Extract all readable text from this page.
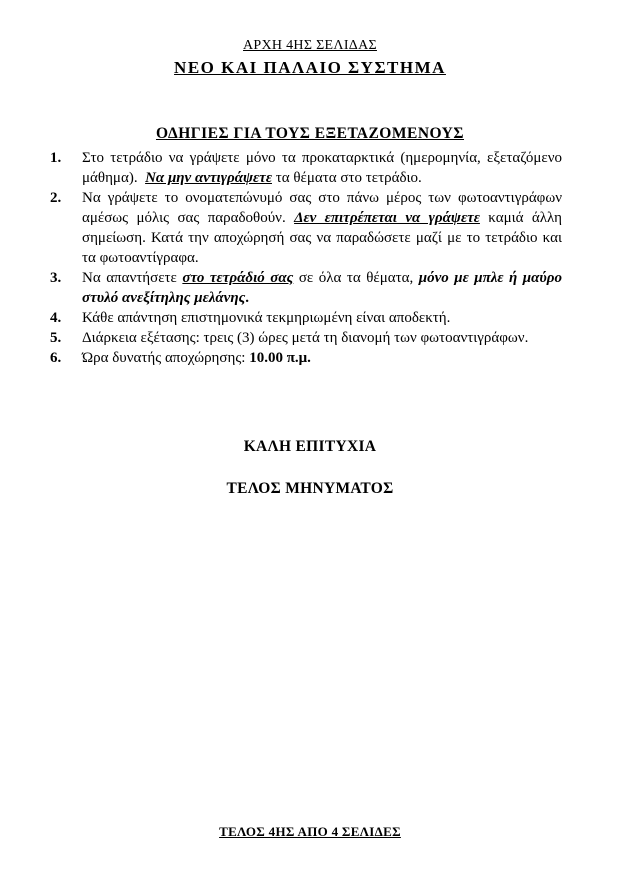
ΑΡΧΗ 4ΗΣ ΣΕΛΙΔΑΣ
ΝΕΟ ΚΑΙ ΠΑΛΑΙΟ ΣΥΣΤΗΜΑ
ΟΔΗΓΙΕΣ ΓΙΑ ΤΟΥΣ ΕΞΕΤΑΖΟΜΕΝΟΥΣ
1. Στο τετράδιο να γράψετε μόνο τα προκαταρκτικά (ημερομηνία, εξεταζόμενο μάθημα). Να μην αντιγράψετε τα θέματα στο τετράδιο.
2. Να γράψετε το ονοματεπώνυμό σας στο πάνω μέρος των φωτοαντιγράφων αμέσως μόλις σας παραδοθούν. Δεν επιτρέπεται να γράψετε καμιά άλλη σημείωση. Κατά την αποχώρησή σας να παραδώσετε μαζί με το τετράδιο και τα φωτοαντίγραφα.
3. Να απαντήσετε στο τετράδιό σας σε όλα τα θέματα, μόνο με μπλε ή μαύρο στυλό ανεξίτηλης μελάνης.
4. Κάθε απάντηση επιστημονικά τεκμηριωμένη είναι αποδεκτή.
5. Διάρκεια εξέτασης: τρεις (3) ώρες μετά τη διανομή των φωτοαντιγράφων.
6. Ώρα δυνατής αποχώρησης: 10.00 π.μ.
ΚΑΛΗ ΕΠΙΤΥΧΙΑ
ΤΕΛΟΣ ΜΗΝΥΜΑΤΟΣ
ΤΕΛΟΣ 4ΗΣ ΑΠΟ 4 ΣΕΛΙΔΕΣ
